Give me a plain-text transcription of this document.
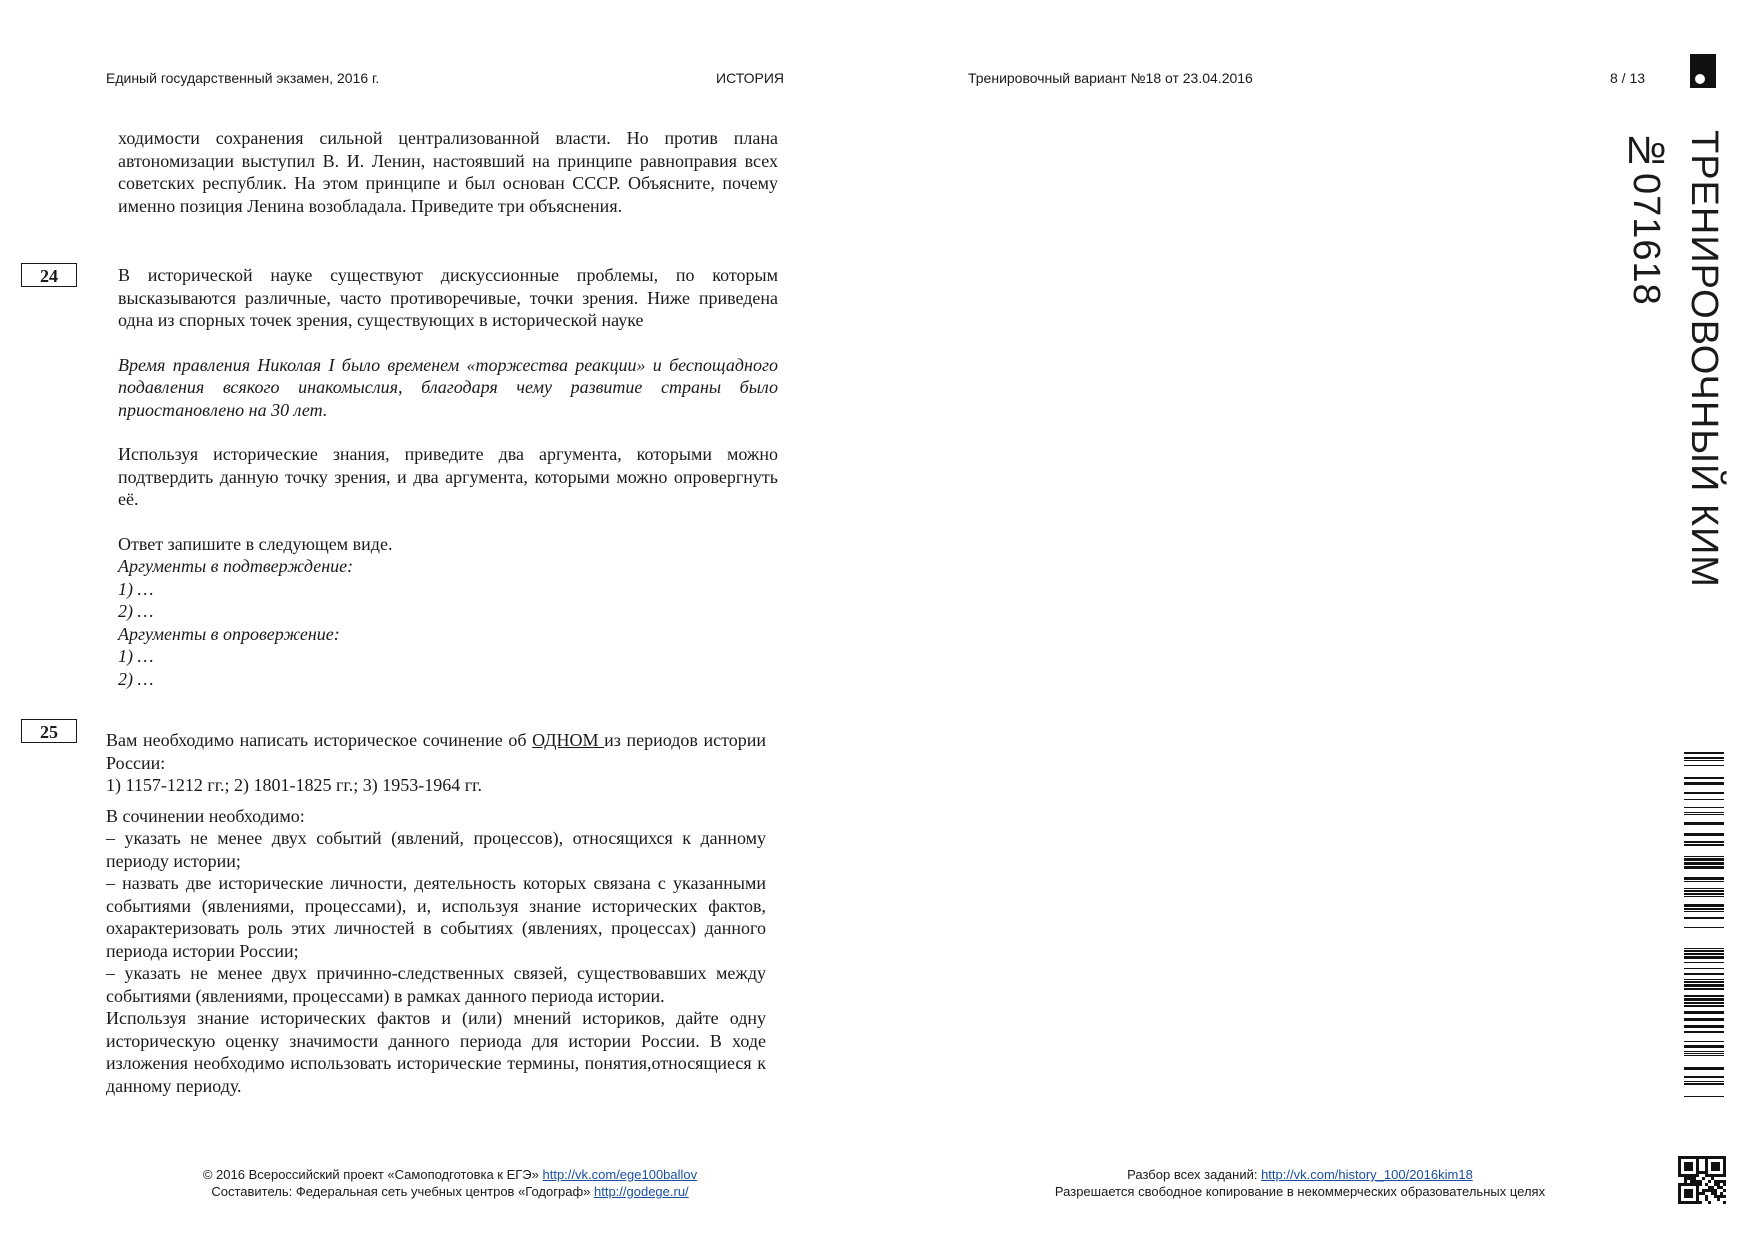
Единый государственный экзамен, 2016 г.	ИСТОРИЯ	Тренировочный вариант №18 от 23.04.2016	8 / 13
ходимости сохранения сильной централизованной власти. Но против плана автономизации выступил В. И. Ленин, настоявший на принципе равноправия всех советских республик. На этом принципе и был основан СССР. Объясните, почему именно позиция Ленина возобладала. Приведите три объяснения.
24	В исторической науке существуют дискуссионные проблемы, по которым высказываются различные, часто противоречивые, точки зрения. Ниже приведена одна из спорных точек зрения, существующих в исторической науке

Время правления Николая I было временем «торжества реакции» и беспощадного подавления всякого инакомыслия, благодаря чему развитие страны было приостановлено на 30 лет.

Используя исторические знания, приведите два аргумента, которыми можно подтвердить данную точку зрения, и два аргумента, которыми можно опровергнуть её.

Ответ запишите в следующем виде.

Аргументы в подтверждение:

1) …

2) …

Аргументы в опровержение:

1) …

2) …

25	Вам необходимо написать историческое сочинение об ОДНОМ из периодов истории России:

1) 1157-1212 гг.; 2) 1801-1825 гг.; 3) 1953-1964 гг.

В сочинении необходимо:

– указать не менее двух событий (явлений, процессов), относящихся к данному периоду истории;

– назвать две исторические личности, деятельность которых связана с указанными событиями (явлениями, процессами), и, используя знание исторических фактов, охарактеризовать роль этих личностей в событиях (явлениях, процессах) данного периода истории России;

– указать не менее двух причинно-следственных связей, существовавших между событиями (явлениями, процессами) в рамках данного периода истории.

Используя знание исторических фактов и (или) мнений историков, дайте одну историческую оценку значимости данного периода для истории России. В ходе изложения необходимо использовать исторические термины, понятия,относящиеся к данному периоду.

© 2016 Всероссийский проект «Самоподготовка к ЕГЭ» http://vk.com/ege100ballov
Составитель: Федеральная сеть учебных центров «Годограф» http://godege.ru/
Разбор всех заданий: http://vk.com/history_100/2016kim18
Разрешается свободное копирование в некоммерческих образовательных целях
ТРЕНИРОВОЧНЫЙ КИМ №071618
